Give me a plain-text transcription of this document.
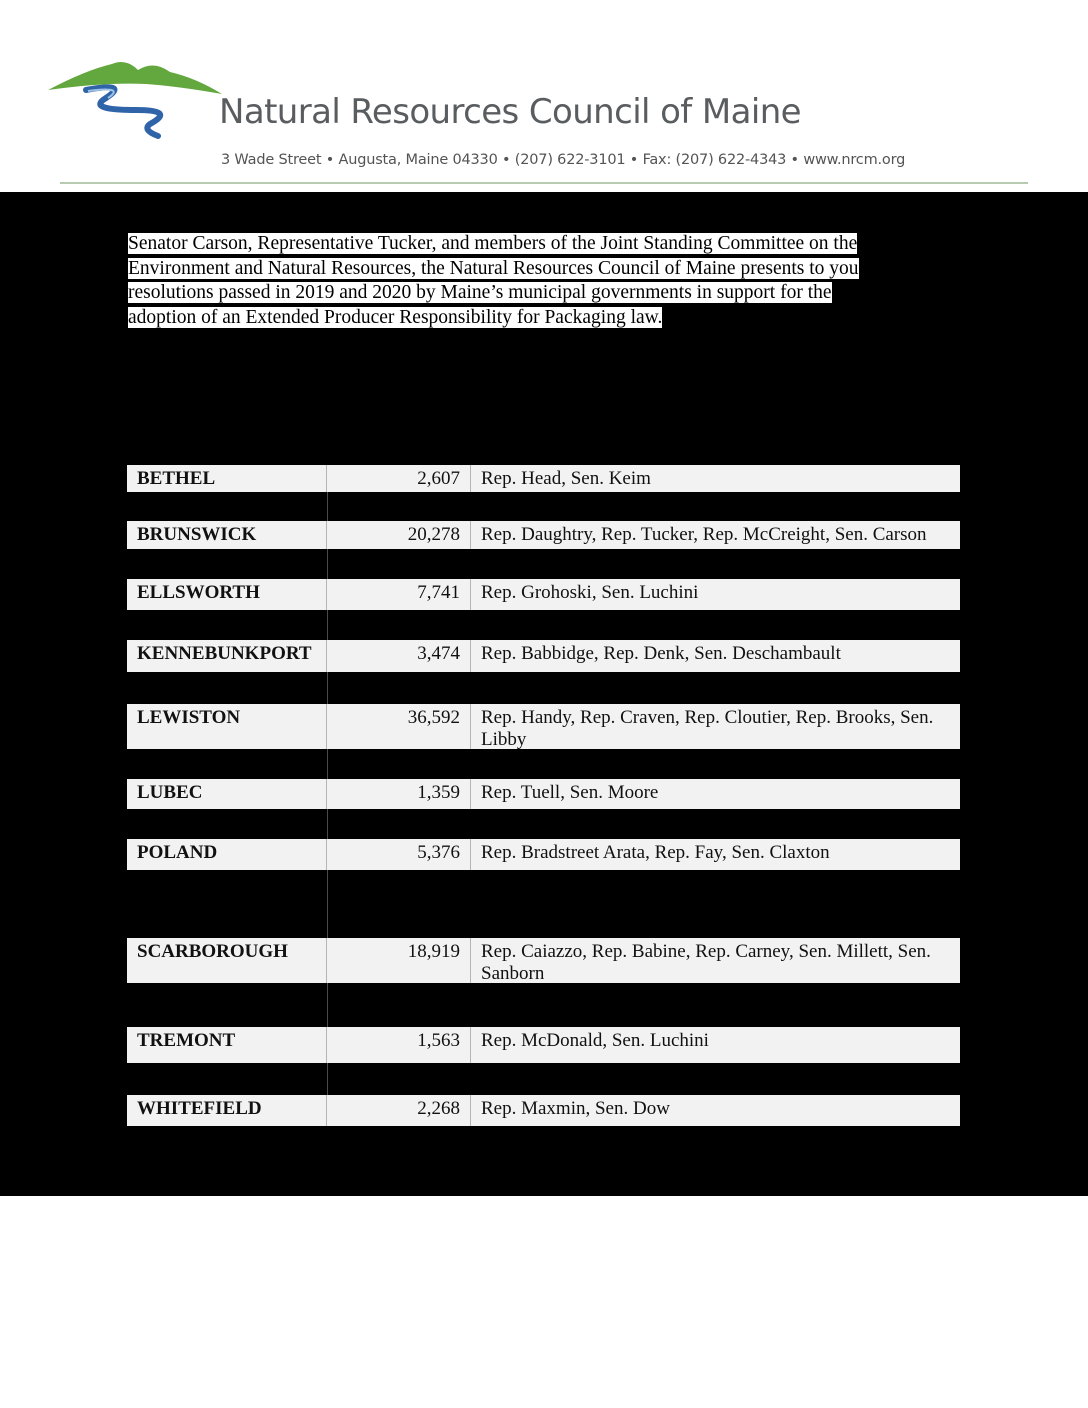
Natural Resources Council of Maine
3 Wade Street • Augusta, Maine 04330 • (207) 622-3101 • Fax: (207) 622-4343 • www.nrcm.org
Senator Carson, Representative Tucker, and members of the Joint Standing Committee on the
Environment and Natural Resources, the Natural Resources Council of Maine presents to you
resolutions passed in 2019 and 2020 by Maine’s municipal governments in support for the
adoption of an Extended Producer Responsibility for Packaging law.
BETHEL	2,607	Rep. Head, Sen. Keim
BRUNSWICK	20,278	Rep. Daughtry, Rep. Tucker, Rep. McCreight, Sen. Carson
ELLSWORTH	7,741	Rep. Grohoski, Sen. Luchini
KENNEBUNKPORT	3,474	Rep. Babbidge, Rep. Denk, Sen. Deschambault
LEWISTON	36,592	Rep. Handy, Rep. Craven, Rep. Cloutier, Rep. Brooks, Sen. Libby
LUBEC	1,359	Rep. Tuell, Sen. Moore
POLAND	5,376	Rep. Bradstreet Arata, Rep. Fay, Sen. Claxton
SCARBOROUGH	18,919	Rep. Caiazzo, Rep. Babine, Rep. Carney, Sen. Millett, Sen. Sanborn
TREMONT	1,563	Rep. McDonald, Sen. Luchini
WHITEFIELD	2,268	Rep. Maxmin, Sen. Dow
